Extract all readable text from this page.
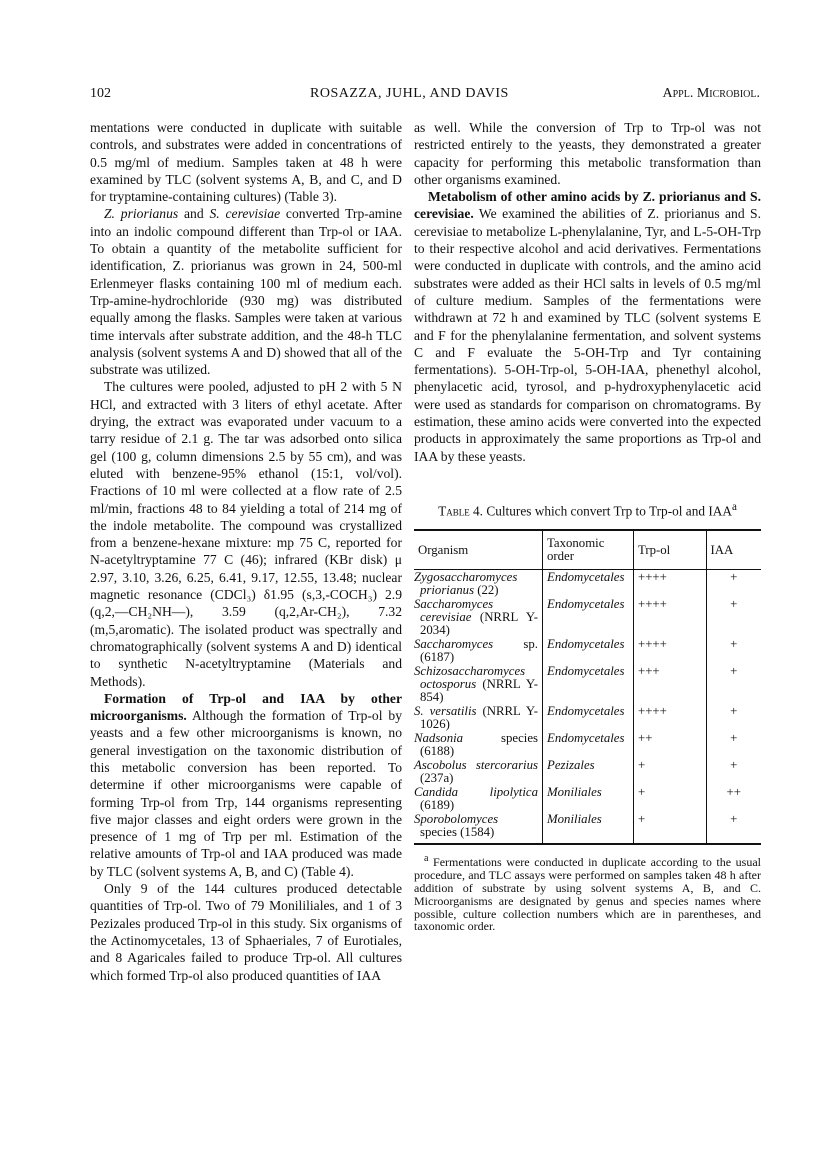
102	ROSAZZA, JUHL, AND DAVIS	Appl. Microbiol.

mentations were conducted in duplicate with suitable controls, and substrates were added in concentrations of 0.5 mg/ml of medium. Samples taken at 48 h were examined by TLC (solvent systems A, B, and C, and D for tryptamine-containing cultures) (Table 3).

Z. priorianus and S. cerevisiae converted Trp-amine into an indolic compound different than Trp-ol or IAA. To obtain a quantity of the metabolite sufficient for identification, Z. priorianus was grown in 24, 500-ml Erlenmeyer flasks containing 100 ml of medium each. Trp-amine-hydrochloride (930 mg) was distributed equally among the flasks. Samples were taken at various time intervals after substrate addition, and the 48-h TLC analysis (solvent systems A and D) showed that all of the substrate was utilized.

The cultures were pooled, adjusted to pH 2 with 5 N HCl, and extracted with 3 liters of ethyl acetate. After drying, the extract was evaporated under vacuum to a tarry residue of 2.1 g. The tar was adsorbed onto silica gel (100 g, column dimensions 2.5 by 55 cm), and was eluted with benzene-95% ethanol (15:1, vol/vol). Fractions of 10 ml were collected at a flow rate of 2.5 ml/min, fractions 48 to 84 yielding a total of 214 mg of the indole metabolite. The compound was crystallized from a benzene-hexane mixture: mp 75 C, reported for N-acetyltryptamine 77 C (46); infrared (KBr disk) μ 2.97, 3.10, 3.26, 6.25, 6.41, 9.17, 12.55, 13.48; nuclear magnetic resonance (CDCl₃) δ1.95 (s,3,-COCH₃) 2.9 (q,2,—CH₂NH—), 3.59 (q,2,Ar-CH₂), 7.32 (m,5,aromatic). The isolated product was spectrally and chromatographically (solvent systems A and D) identical to synthetic N-acetyltryptamine (Materials and Methods).

Formation of Trp-ol and IAA by other microorganisms. Although the formation of Trp-ol by yeasts and a few other microorganisms is known, no general investigation on the taxonomic distribution of this metabolic conversion has been reported. To determine if other microorganisms were capable of forming Trp-ol from Trp, 144 organisms representing five major classes and eight orders were grown in the presence of 1 mg of Trp per ml. Estimation of the relative amounts of Trp-ol and IAA produced was made by TLC (solvent systems A, B, and C) (Table 4).

Only 9 of the 144 cultures produced detectable quantities of Trp-ol. Two of 79 Monililiales, and 1 of 3 Pezizales produced Trp-ol in this study. Six organisms of the Actinomycetales, 13 of Sphaeriales, 7 of Eurotiales, and 8 Agaricales failed to produce Trp-ol. All cultures which formed Trp-ol also produced quantities of IAA

as well. While the conversion of Trp to Trp-ol was not restricted entirely to the yeasts, they demonstrated a greater capacity for performing this metabolic transformation than other organisms examined.

Metabolism of other amino acids by Z. priorianus and S. cerevisiae. We examined the abilities of Z. priorianus and S. cerevisiae to metabolize L-phenylalanine, Tyr, and L-5-OH-Trp to their respective alcohol and acid derivatives. Fermentations were conducted in duplicate with controls, and the amino acid substrates were added as their HCl salts in levels of 0.5 mg/ml of culture medium. Samples of the fermentations were withdrawn at 72 h and examined by TLC (solvent systems E and F for the phenylalanine fermentation, and solvent systems C and F evaluate the 5-OH-Trp and Tyr containing fermentations). 5-OH-Trp-ol, 5-OH-IAA, phenethyl alcohol, phenylacetic acid, tyrosol, and p-hydroxyphenylacetic acid were used as standards for comparison on chromatograms. By estimation, these amino acids were converted into the expected products in approximately the same proportions as Trp-ol and IAA by these yeasts.

Table 4. Cultures which convert Trp to Trp-ol and IAA$^a$
Organism	Taxonomic order	Trp-ol	IAA
Zygosaccharomyces priorianus (22)	Endomycetales	++++	+
Saccharomyces cerevisiae (NRRL Y-2034)	Endomycetales	++++	+
Saccharomyces sp. (6187)	Endomycetales	++++	+
Schizosaccharomyces octosporus (NRRL Y-854)	Endomycetales	+++	+
S. versatilis (NRRL Y-1026)	Endomycetales	++++	+
Nadsonia species (6188)	Endomycetales	++	+
Ascobolus stercorarius (237a)	Pezizales	+	+
Candida lipolytica (6189)	Moniliales	+	++
Sporobolomyces species (1584)	Moniliales	+	+
$^a$ Fermentations were conducted in duplicate according to the usual procedure, and TLC assays were performed on samples taken 48 h after addition of substrate by using solvent systems A, B, and C. Microorganisms are designated by genus and species names where possible, culture collection numbers which are in parentheses, and taxonomic order.
